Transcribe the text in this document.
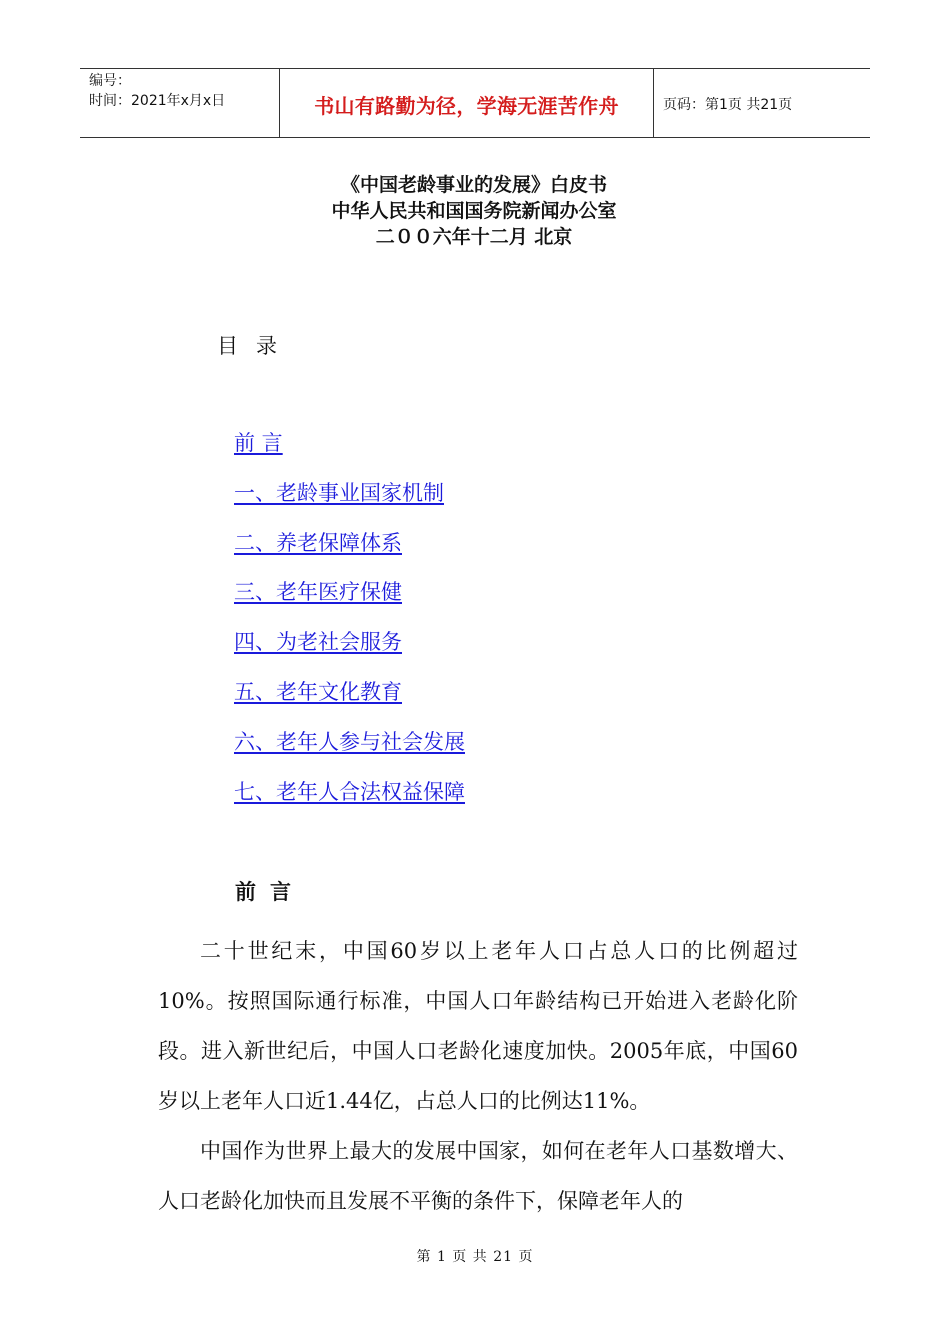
编号：
时间：2021年x月x日	书山有路勤为径，学海无涯苦作舟	页码：第1页 共21页
《中国老龄事业的发展》白皮书
中华人民共和国国务院新闻办公室
二００六年十二月 北京
目录
前 言
一、老龄事业国家机制
二、养老保障体系
三、老年医疗保健
四、为老社会服务
五、老年文化教育
六、老年人参与社会发展
七、老年人合法权益保障
前言

二十世纪末，中国60岁以上老年人口占总人口的比例超过10%。按照国际通行标准，中国人口年龄结构已开始进入老龄化阶段。进入新世纪后，中国人口老龄化速度加快。2005年底，中国60岁以上老年人口近1.44亿，占总人口的比例达11%。

中国作为世界上最大的发展中国家，如何在老年人口基数增大、人口老龄化加快而且发展不平衡的条件下，保障老年人的

第 1 页 共 21 页
